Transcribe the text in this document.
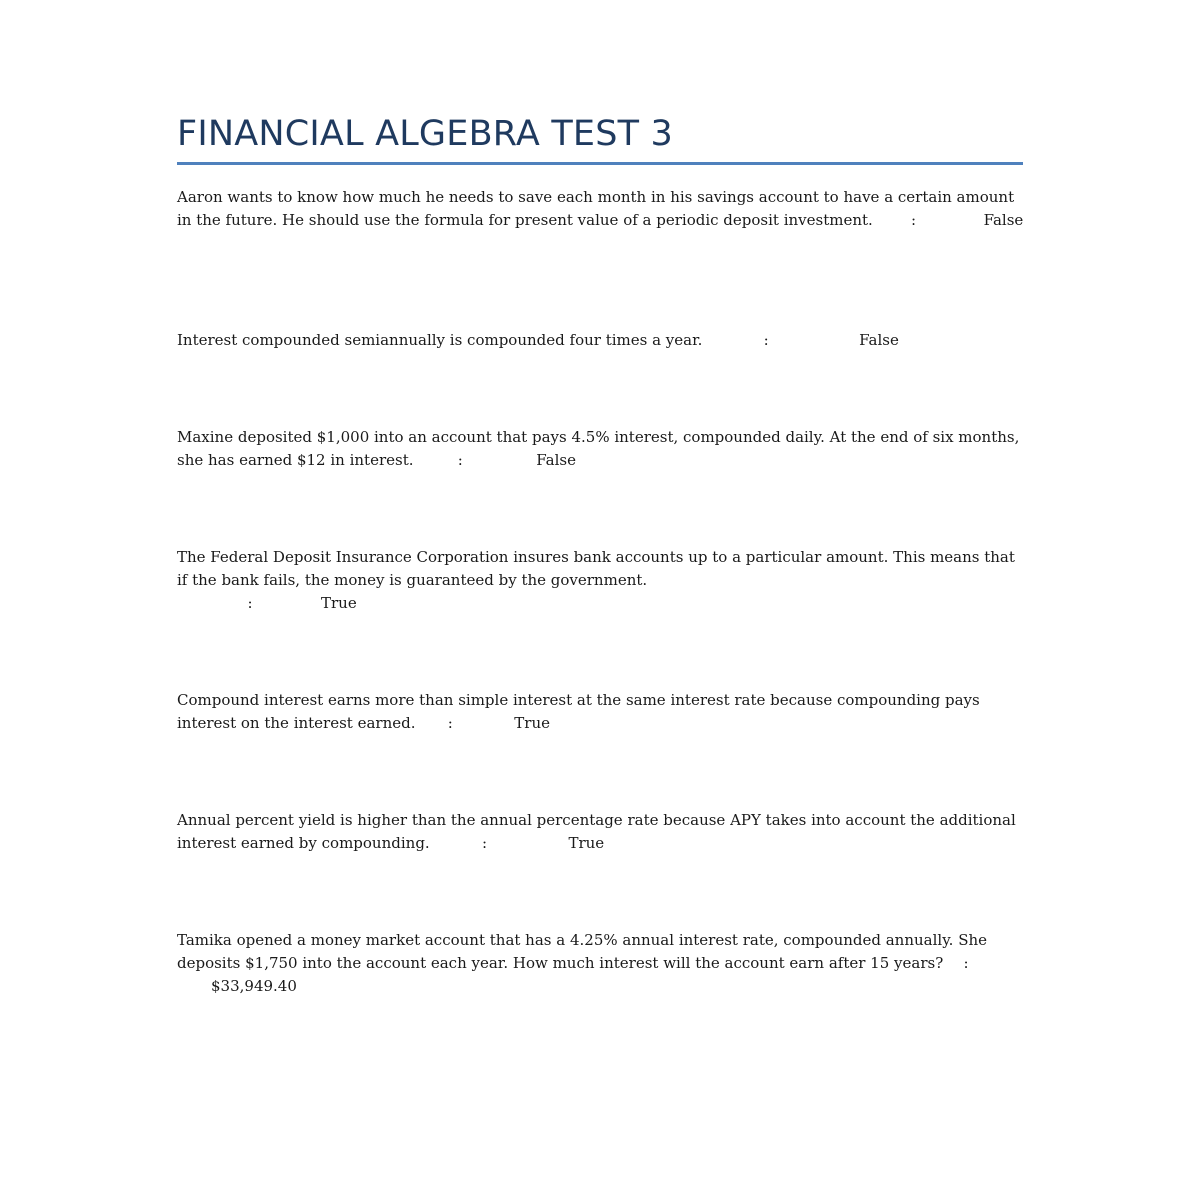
FINANCIAL ALGEBRA TEST 3

Aaron wants to know how much he needs to save each month in his savings account to have a certain amount in the future. He should use the formula for present value of a periodic deposit investment.	:	False

Interest compounded semiannually is compounded four times a year.	:	False

Maxine deposited $1,000 into an account that pays 4.5% interest, compounded daily. At the end of six months, she has earned $12 in interest.	:	False

The Federal Deposit Insurance Corporation insures bank accounts up to a particular amount. This means that if the bank fails, the money is guaranteed by the government.
:	True

Compound interest earns more than simple interest at the same interest rate because compounding pays interest on the interest earned. :	True

Annual percent yield is higher than the annual percentage rate because APY takes into account the additional interest earned by compounding.	:	True

Tamika opened a money market account that has a 4.25% annual interest rate, compounded annually. She deposits $1,750 into the account each year. How much interest will the account earn after 15 years? :$33,949.40
